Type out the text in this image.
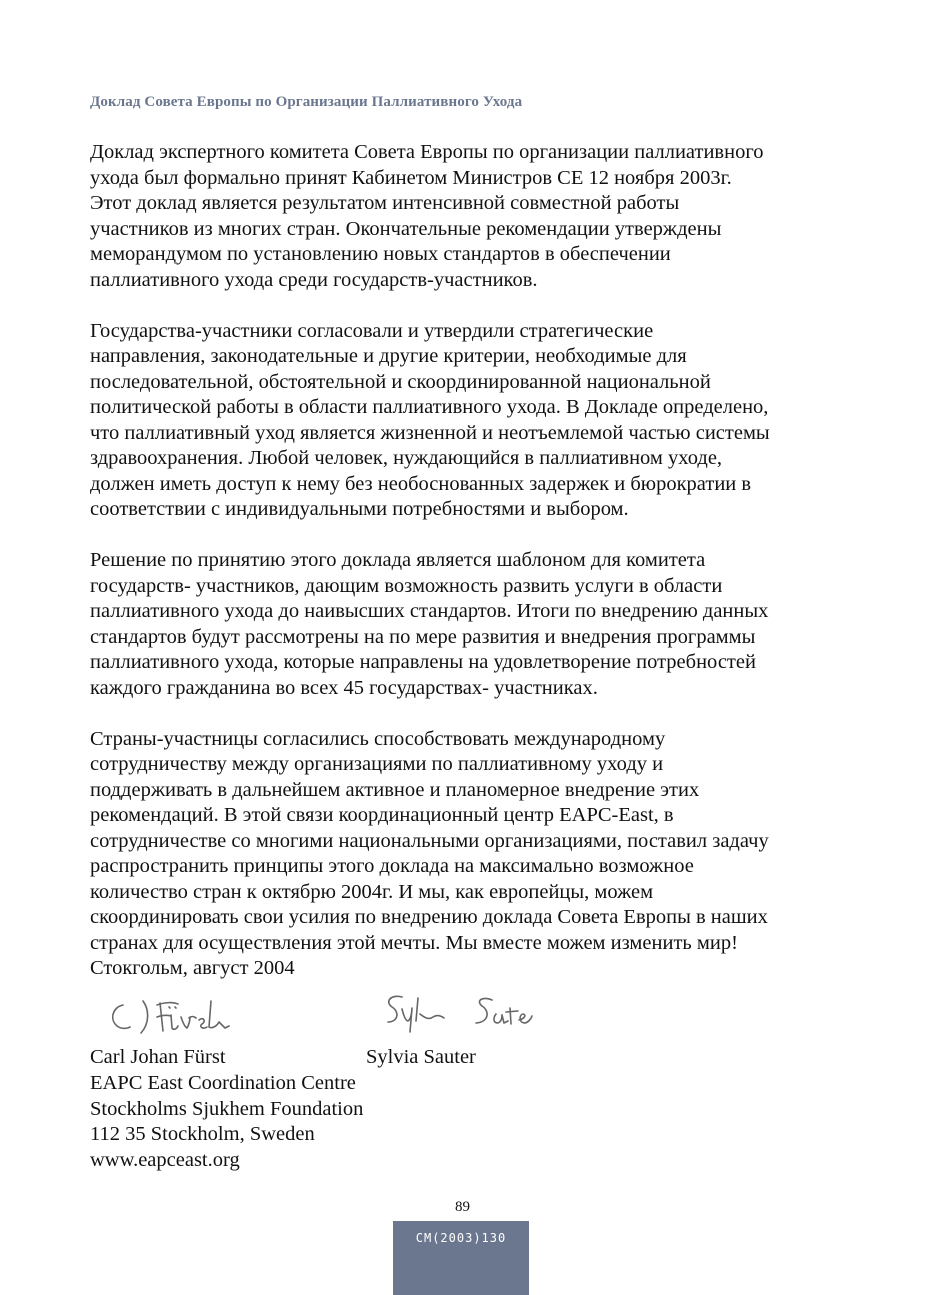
Доклад Совета Европы по Организации Паллиативного Ухода
Доклад экспертного комитета Совета Европы по организации паллиативного
ухода был формально принят Кабинетом Министров СЕ 12 ноября 2003г.
Этот доклад является результатом интенсивной совместной работы
участников из многих стран. Окончательные рекомендации утверждены
меморандумом по установлению новых стандартов в обеспечении
паллиативного ухода среди государств-участников.
Государства-участники согласовали и утвердили стратегические
направления, законодательные и другие критерии, необходимые для
последовательной, обстоятельной и скоординированной национальной
политической работы в области паллиативного ухода. В Докладе определено,
что паллиативный уход является жизненной и неотъемлемой частью системы
здравоохранения. Любой человек, нуждающийся в паллиативном уходе,
должен иметь доступ к нему без необоснованных задержек и бюрократии в
соответствии с индивидуальными потребностями и выбором.
Решение по принятию этого доклада является шаблоном для комитета
государств- участников, дающим возможность развить услуги в области
паллиативного ухода до наивысших стандартов. Итоги по внедрению данных
стандартов будут рассмотрены на по мере развития и внедрения программы
паллиативного ухода, которые направлены на удовлетворение потребностей
каждого гражданина во всех 45 государствах- участниках.
Страны-участницы согласились способствовать международному
сотрудничеству между организациями по паллиативному уходу и
поддерживать в дальнейшем активное и планомерное внедрение этих
рекомендаций. В этой связи координационный центр EAPC-East, в
сотрудничестве со многими национальными организациями, поставил задачу
распространить принципы этого доклада на максимально возможное
количество стран к октябрю 2004г. И мы, как европейцы, можем
скоординировать свои усилия по внедрению доклада Совета Европы в наших
странах для осуществления этой мечты. Мы вместе можем изменить мир!
Стокгольм, август 2004
Carl Johan Fürst	Sylvia Sauter
EAPC East Coordination Centre
Stockholms Sjukhem Foundation
112 35 Stockholm, Sweden
www.eapceast.org
89
CM(2003)130
